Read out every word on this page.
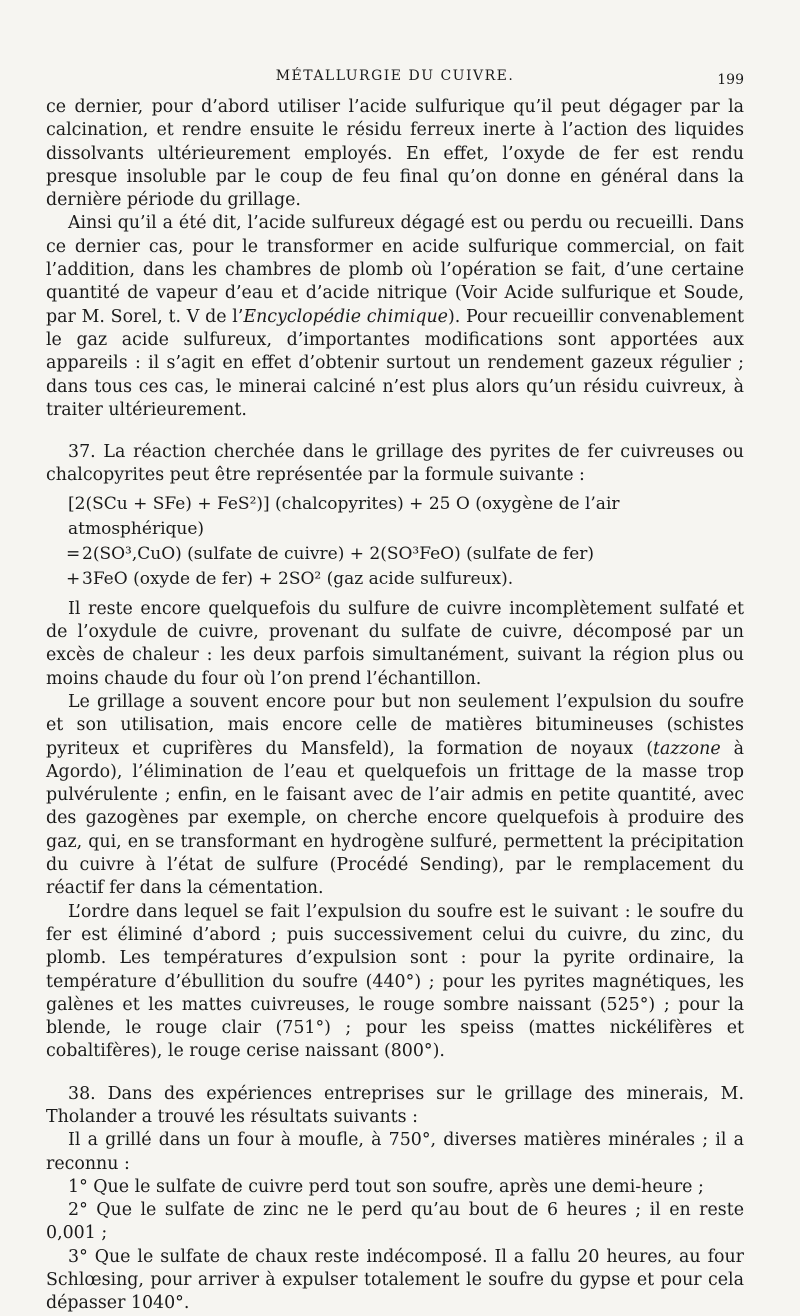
MÉTALLURGIE DU CUIVRE.	199

ce dernier, pour d’abord utiliser l’acide sulfurique qu’il peut dégager par la calcination, et rendre ensuite le résidu ferreux inerte à l’action des liquides dissolvants ultérieurement employés. En effet, l’oxyde de fer est rendu presque insoluble par le coup de feu final qu’on donne en général dans la dernière période du grillage.

Ainsi qu’il a été dit, l’acide sulfureux dégagé est ou perdu ou recueilli. Dans ce dernier cas, pour le transformer en acide sulfurique commercial, on fait l’addition, dans les chambres de plomb où l’opération se fait, d’une certaine quantité de vapeur d’eau et d’acide nitrique (Voir Acide sulfurique et Soude, par M. Sorel, t. V de l’Encyclopédie chimique). Pour recueillir convenablement le gaz acide sulfureux, d’importantes modifications sont apportées aux appareils : il s’agit en effet d’obtenir surtout un rendement gazeux régulier ; dans tous ces cas, le minerai calciné n’est plus alors qu’un résidu cuivreux, à traiter ultérieurement.

37. La réaction cherchée dans le grillage des pyrites de fer cuivreuses ou chalcopyrites peut être représentée par la formule suivante :

[2(SCu + SFe) + FeS²)] (chalcopyrites) + 25 O (oxygène de l’air atmosphérique)
= 2(SO³,CuO) (sulfate de cuivre) + 2(SO³FeO) (sulfate de fer)
+ 3FeO (oxyde de fer) + 2SO² (gaz acide sulfureux).

Il reste encore quelquefois du sulfure de cuivre incomplètement sulfaté et de l’oxydule de cuivre, provenant du sulfate de cuivre, décomposé par un excès de chaleur : les deux parfois simultanément, suivant la région plus ou moins chaude du four où l’on prend l’échantillon.

Le grillage a souvent encore pour but non seulement l’expulsion du soufre et son utilisation, mais encore celle de matières bitumineuses (schistes pyriteux et cuprifères du Mansfeld), la formation de noyaux (tazzone à Agordo), l’élimination de l’eau et quelquefois un frittage de la masse trop pulvérulente ; enfin, en le faisant avec de l’air admis en petite quantité, avec des gazogènes par exemple, on cherche encore quelquefois à produire des gaz, qui, en se transformant en hydrogène sulfuré, permettent la précipitation du cuivre à l’état de sulfure (Procédé Sending), par le remplacement du réactif fer dans la cémentation.

L’ordre dans lequel se fait l’expulsion du soufre est le suivant : le soufre du fer est éliminé d’abord ; puis successivement celui du cuivre, du zinc, du plomb. Les températures d’expulsion sont : pour la pyrite ordinaire, la température d’ébullition du soufre (440°) ; pour les pyrites magnétiques, les galènes et les mattes cuivreuses, le rouge sombre naissant (525°) ; pour la blende, le rouge clair (751°) ; pour les speiss (mattes nickélifères et cobaltifères), le rouge cerise naissant (800°).

38. Dans des expériences entreprises sur le grillage des minerais, M. Tholander a trouvé les résultats suivants :

Il a grillé dans un four à moufle, à 750°, diverses matières minérales ; il a reconnu :

1° Que le sulfate de cuivre perd tout son soufre, après une demi-heure ;

2° Que le sulfate de zinc ne le perd qu’au bout de 6 heures ; il en reste 0,001 ;

3° Que le sulfate de chaux reste indécomposé. Il a fallu 20 heures, au four Schlœsing, pour arriver à expulser totalement le soufre du gypse et pour cela dépasser 1040°.
